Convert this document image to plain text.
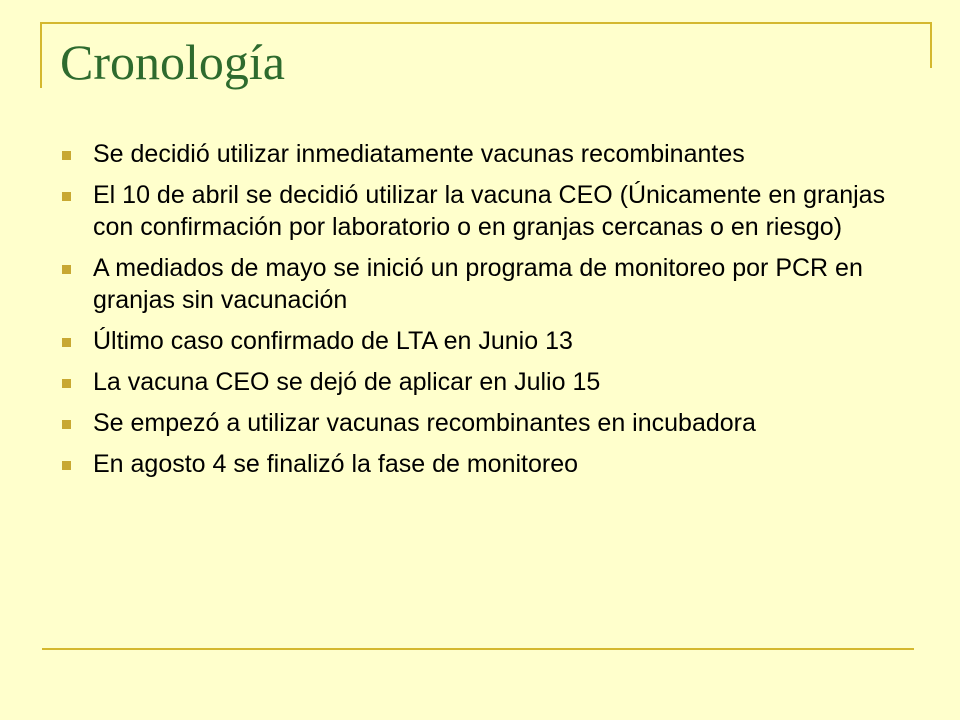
Cronología
Se decidió utilizar inmediatamente vacunas recombinantes
El 10 de abril se decidió utilizar la vacuna CEO (Únicamente en granjas con confirmación por laboratorio o en granjas cercanas o en riesgo)
A mediados de mayo se inició un programa de monitoreo por PCR en granjas sin vacunación
Último caso confirmado de LTA en Junio 13
La vacuna CEO se dejó de aplicar en Julio 15
Se empezó a utilizar vacunas recombinantes en incubadora
En agosto 4 se finalizó la fase de monitoreo
